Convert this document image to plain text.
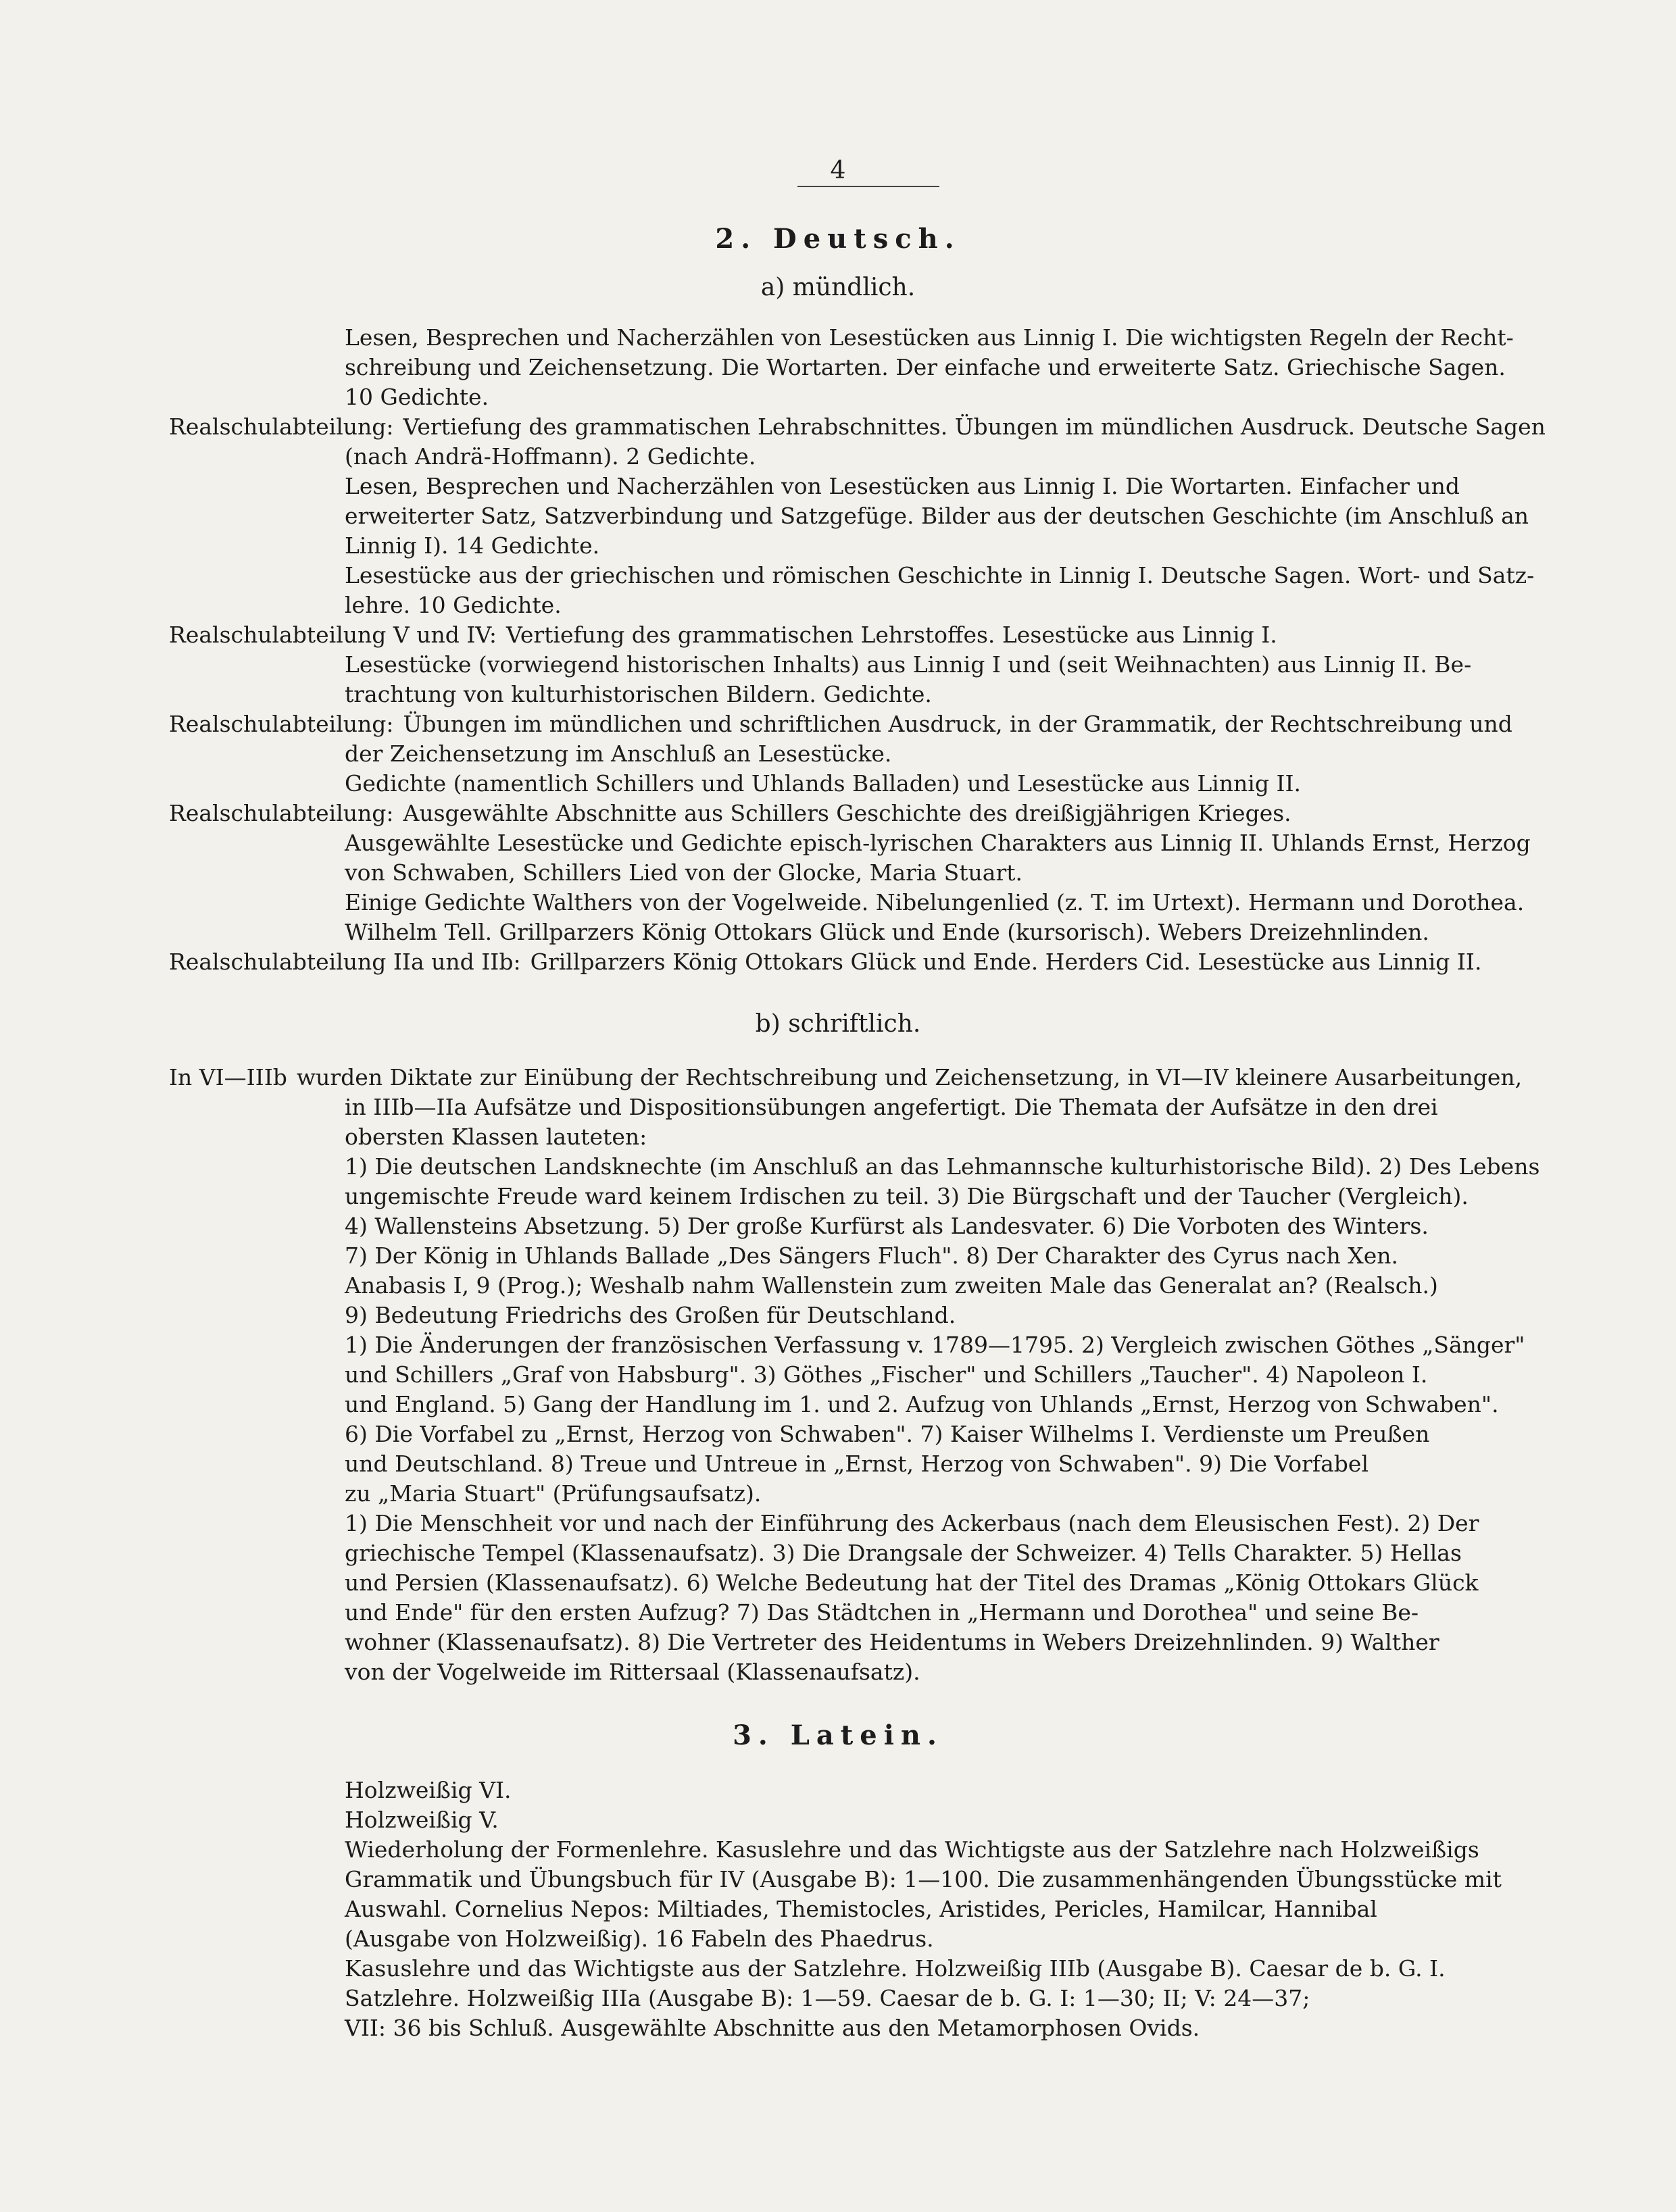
4
2. Deutsch.
a) mündlich.
Lesen, Besprechen und Nacherzählen von Lesestücken aus Linnig I. Die wichtigsten Regeln der Recht-
schreibung und Zeichensetzung. Die Wortarten. Der einfache und erweiterte Satz. Griechische Sagen.
10 Gedichte.
Realschulabteilung: Vertiefung des grammatischen Lehrabschnittes. Übungen im mündlichen Ausdruck. Deutsche Sagen
(nach Andrä-Hoffmann). 2 Gedichte.
Lesen, Besprechen und Nacherzählen von Lesestücken aus Linnig I. Die Wortarten. Einfacher und
erweiterter Satz, Satzverbindung und Satzgefüge. Bilder aus der deutschen Geschichte (im Anschluß an
Linnig I). 14 Gedichte.
Lesestücke aus der griechischen und römischen Geschichte in Linnig I. Deutsche Sagen. Wort- und Satz-
lehre. 10 Gedichte.
Realschulabteilung V und IV: Vertiefung des grammatischen Lehrstoffes. Lesestücke aus Linnig I.
Lesestücke (vorwiegend historischen Inhalts) aus Linnig I und (seit Weihnachten) aus Linnig II. Be-
trachtung von kulturhistorischen Bildern. Gedichte.
Realschulabteilung: Übungen im mündlichen und schriftlichen Ausdruck, in der Grammatik, der Rechtschreibung und
der Zeichensetzung im Anschluß an Lesestücke.
Gedichte (namentlich Schillers und Uhlands Balladen) und Lesestücke aus Linnig II.
Realschulabteilung: Ausgewählte Abschnitte aus Schillers Geschichte des dreißigjährigen Krieges.
Ausgewählte Lesestücke und Gedichte episch-lyrischen Charakters aus Linnig II. Uhlands Ernst, Herzog
von Schwaben, Schillers Lied von der Glocke, Maria Stuart.
Einige Gedichte Walthers von der Vogelweide. Nibelungenlied (z. T. im Urtext). Hermann und Dorothea.
Wilhelm Tell. Grillparzers König Ottokars Glück und Ende (kursorisch). Webers Dreizehnlinden.
Realschulabteilung IIa und IIb: Grillparzers König Ottokars Glück und Ende. Herders Cid. Lesestücke aus Linnig II.
b) schriftlich.
In VI—IIIb wurden Diktate zur Einübung der Rechtschreibung und Zeichensetzung, in VI—IV kleinere Ausarbeitungen,
in IIIb—IIa Aufsätze und Dispositionsübungen angefertigt. Die Themata der Aufsätze in den drei
obersten Klassen lauteten:
1) Die deutschen Landsknechte (im Anschluß an das Lehmannsche kulturhistorische Bild). 2) Des Lebens
ungemischte Freude ward keinem Irdischen zu teil. 3) Die Bürgschaft und der Taucher (Vergleich).
4) Wallensteins Absetzung. 5) Der große Kurfürst als Landesvater. 6) Die Vorboten des Winters.
7) Der König in Uhlands Ballade „Des Sängers Fluch". 8) Der Charakter des Cyrus nach Xen.
Anabasis I, 9 (Prog.); Weshalb nahm Wallenstein zum zweiten Male das Generalat an? (Realsch.)
9) Bedeutung Friedrichs des Großen für Deutschland.
1) Die Änderungen der französischen Verfassung v. 1789—1795. 2) Vergleich zwischen Göthes „Sänger"
und Schillers „Graf von Habsburg". 3) Göthes „Fischer" und Schillers „Taucher". 4) Napoleon I.
und England. 5) Gang der Handlung im 1. und 2. Aufzug von Uhlands „Ernst, Herzog von Schwaben".
6) Die Vorfabel zu „Ernst, Herzog von Schwaben". 7) Kaiser Wilhelms I. Verdienste um Preußen
und Deutschland. 8) Treue und Untreue in „Ernst, Herzog von Schwaben". 9) Die Vorfabel
zu „Maria Stuart" (Prüfungsaufsatz).
1) Die Menschheit vor und nach der Einführung des Ackerbaus (nach dem Eleusischen Fest). 2) Der
griechische Tempel (Klassenaufsatz). 3) Die Drangsale der Schweizer. 4) Tells Charakter. 5) Hellas
und Persien (Klassenaufsatz). 6) Welche Bedeutung hat der Titel des Dramas „König Ottokars Glück
und Ende" für den ersten Aufzug? 7) Das Städtchen in „Hermann und Dorothea" und seine Be-
wohner (Klassenaufsatz). 8) Die Vertreter des Heidentums in Webers Dreizehnlinden. 9) Walther
von der Vogelweide im Rittersaal (Klassenaufsatz).
3. Latein.
Holzweißig VI.
Holzweißig V.
Wiederholung der Formenlehre. Kasuslehre und das Wichtigste aus der Satzlehre nach Holzweißigs
Grammatik und Übungsbuch für IV (Ausgabe B): 1—100. Die zusammenhängenden Übungsstücke mit
Auswahl. Cornelius Nepos: Miltiades, Themistocles, Aristides, Pericles, Hamilcar, Hannibal
(Ausgabe von Holzweißig). 16 Fabeln des Phaedrus.
Kasuslehre und das Wichtigste aus der Satzlehre. Holzweißig IIIb (Ausgabe B). Caesar de b. G. I.
Satzlehre. Holzweißig IIIa (Ausgabe B): 1—59. Caesar de b. G. I: 1—30; II; V: 24—37;
VII: 36 bis Schluß. Ausgewählte Abschnitte aus den Metamorphosen Ovids.
